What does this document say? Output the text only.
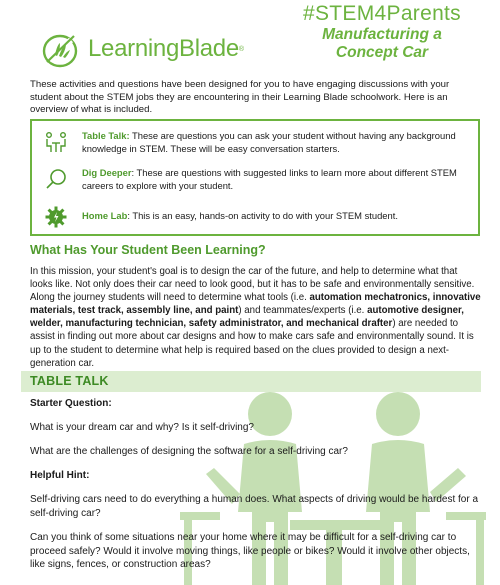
LearningBlade ®
#STEM4Parents
Manufacturing a
Concept Car
These activities and questions have been designed for you to have engaging discussions with your student about the STEM jobs they are encountering in their Learning Blade schoolwork. Here is an overview of what is included.
Table Talk: These are questions you can ask your student without having any background knowledge in STEM. These will be easy conversation starters.
Dig Deeper: These are questions with suggested links to learn more about different STEM careers to explore with your student.
Home Lab: This is an easy, hands-on activity to do with your STEM student.
What Has Your Student Been Learning?
In this mission, your student's goal is to design the car of the future, and help to determine what that looks like. Not only does their car need to look good, but it has to be safe and environmentally sensitive. Along the journey students will need to determine what tools (i.e. automation mechatronics, innovative materials, test track, assembly line, and paint) and teammates/experts (i.e. automotive designer, welder, manufacturing technician, safety administrator, and mechanical drafter) are needed to assist in finding out more about car designs and how to make cars safe and environmentally sound. It is up to the student to determine what help is required based on the clues provided to design a next-generation car.
TABLE TALK
Starter Question:
What is your dream car and why? Is it self-driving?
What are the challenges of designing the software for a self-driving car?
Helpful Hint:
Self-driving cars need to do everything a human does. What aspects of driving would be hardest for a self-driving car?
Can you think of some situations near your home where it may be difficult for a self-driving car to proceed safely? Would it involve moving things, like people or bikes? Would it involve other objects, like signs, fences, or construction areas?
